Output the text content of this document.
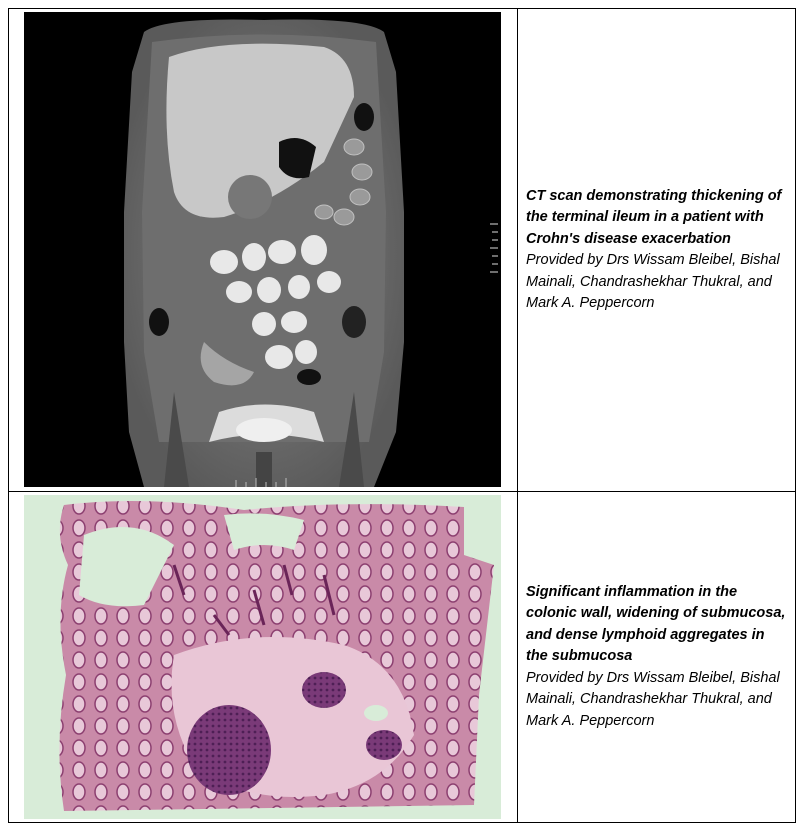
CT scan demonstrating thickening of the terminal ileum in a patient with Crohn's disease exacerbation
Provided by Drs Wissam Bleibel, Bishal Mainali, Chandrashekhar Thukral, and Mark A. Peppercorn
Significant inflammation in the colonic wall, widening of submucosa, and dense lymphoid aggregates in the submucosa
Provided by Drs Wissam Bleibel, Bishal Mainali, Chandrashekhar Thukral, and Mark A. Peppercorn
